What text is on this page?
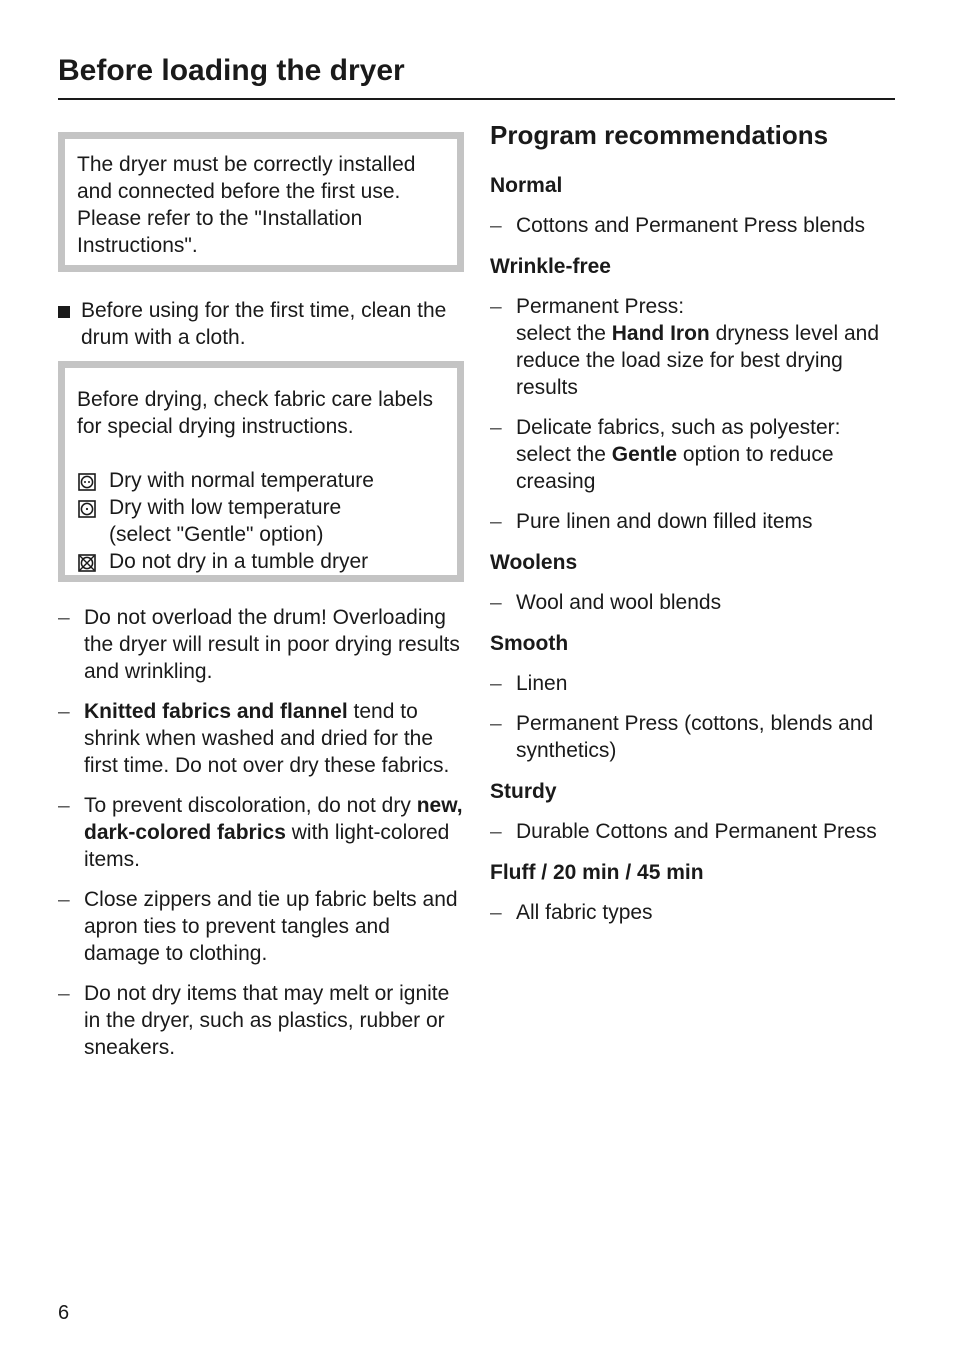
Before loading the dryer

The dryer must be correctly installed and connected before the first use. Please refer to the "Installation Instructions".

Before using for the first time, clean the drum with a cloth.

Before drying, check fabric care labels for special drying instructions.

Dry with normal temperature
Dry with low temperature
(select "Gentle" option)
Do not dry in a tumble dryer
– Do not overload the drum! Overloading the dryer will result in poor drying results and wrinkling.
– Knitted fabrics and flannel tend to shrink when washed and dried for the first time. Do not over dry these fabrics.
– To prevent discoloration, do not dry new, dark-colored fabrics with light-colored items.
– Close zippers and tie up fabric belts and apron ties to prevent tangles and damage to clothing.
– Do not dry items that may melt or ignite in the dryer, such as plastics, rubber or sneakers.
Program recommendations
Normal
– Cottons and Permanent Press blends
Wrinkle-free
– Permanent Press:
select the Hand Iron dryness level and reduce the load size for best drying results
– Delicate fabrics, such as polyester: select the Gentle option to reduce creasing
– Pure linen and down filled items
Woolens
– Wool and wool blends
Smooth
– Linen
– Permanent Press (cottons, blends and synthetics)
Sturdy
– Durable Cottons and Permanent Press
Fluff / 20 min / 45 min
– All fabric types
6
